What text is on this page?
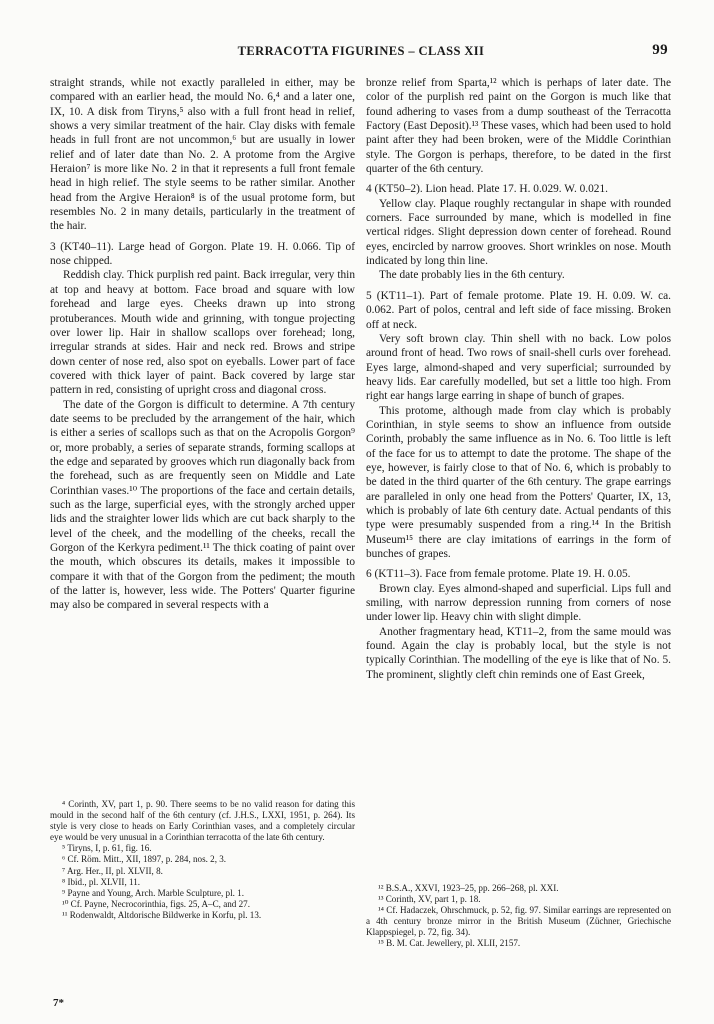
TERRACOTTA FIGURINES – CLASS XII	99

straight strands, while not exactly paralleled in either, may be compared with an earlier head, the mould No. 6,⁴ and a later one, IX, 10. A disk from Tiryns,⁵ also with a full front head in relief, shows a very similar treatment of the hair. Clay disks with female heads in full front are not uncommon,⁶ but are usually in lower relief and of later date than No. 2. A protome from the Argive Heraion⁷ is more like No. 2 in that it represents a full front female head in high relief. The style seems to be rather similar. Another head from the Argive Heraion⁸ is of the usual protome form, but resembles No. 2 in many details, particularly in the treatment of the hair.

3 (KT40–11). Large head of Gorgon. Plate 19. H. 0.066. Tip of nose chipped.

Reddish clay. Thick purplish red paint. Back irregular, very thin at top and heavy at bottom. Face broad and square with low forehead and large eyes. Cheeks drawn up into strong protuberances. Mouth wide and grinning, with tongue projecting over lower lip. Hair in shallow scallops over forehead; long, irregular strands at sides. Hair and neck red. Brows and stripe down center of nose red, also spot on eyeballs. Lower part of face covered with thick layer of paint. Back covered by large star pattern in red, consisting of upright cross and diagonal cross.

The date of the Gorgon is difficult to determine. A 7th century date seems to be precluded by the arrangement of the hair, which is either a series of scallops such as that on the Acropolis Gorgon⁹ or, more probably, a series of separate strands, forming scallops at the edge and separated by grooves which run diagonally back from the forehead, such as are frequently seen on Middle and Late Corinthian vases.¹⁰ The proportions of the face and certain details, such as the large, superficial eyes, with the strongly arched upper lids and the straighter lower lids which are cut back sharply to the level of the cheek, and the modelling of the cheeks, recall the Gorgon of the Kerkyra pediment.¹¹ The thick coating of paint over the mouth, which obscures its details, makes it impossible to compare it with that of the Gorgon from the pediment; the mouth of the latter is, however, less wide. The Potters' Quarter figurine may also be compared in several respects with a

bronze relief from Sparta,¹² which is perhaps of later date. The color of the purplish red paint on the Gorgon is much like that found adhering to vases from a dump southeast of the Terracotta Factory (East Deposit).¹³ These vases, which had been used to hold paint after they had been broken, were of the Middle Corinthian style. The Gorgon is perhaps, therefore, to be dated in the first quarter of the 6th century.

4 (KT50–2). Lion head. Plate 17. H. 0.029. W. 0.021.

Yellow clay. Plaque roughly rectangular in shape with rounded corners. Face surrounded by mane, which is modelled in fine vertical ridges. Slight depression down center of forehead. Round eyes, encircled by narrow grooves. Short wrinkles on nose. Mouth indicated by long thin line.

The date probably lies in the 6th century.

5 (KT11–1). Part of female protome. Plate 19. H. 0.09. W. ca. 0.062. Part of polos, central and left side of face missing. Broken off at neck.

Very soft brown clay. Thin shell with no back. Low polos around front of head. Two rows of snail-shell curls over forehead. Eyes large, almond-shaped and very superficial; surrounded by heavy lids. Ear carefully modelled, but set a little too high. From right ear hangs large earring in shape of bunch of grapes.

This protome, although made from clay which is probably Corinthian, in style seems to show an influence from outside Corinth, probably the same influence as in No. 6. Too little is left of the face for us to attempt to date the protome. The shape of the eye, however, is fairly close to that of No. 6, which is probably to be dated in the third quarter of the 6th century. The grape earrings are paralleled in only one head from the Potters' Quarter, IX, 13, which is probably of late 6th century date. Actual pendants of this type were presumably suspended from a ring.¹⁴ In the British Museum¹⁵ there are clay imitations of earrings in the form of bunches of grapes.

6 (KT11–3). Face from female protome. Plate 19. H. 0.05.

Brown clay. Eyes almond-shaped and superficial. Lips full and smiling, with narrow depression running from corners of nose under lower lip. Heavy chin with slight dimple.

Another fragmentary head, KT11–2, from the same mould was found. Again the clay is probably local, but the style is not typically Corinthian. The modelling of the eye is like that of No. 5. The prominent, slightly cleft chin reminds one of East Greek,

⁴ Corinth, XV, part 1, p. 90. There seems to be no valid reason for dating this mould in the second half of the 6th century (cf. J.H.S., LXXI, 1951, p. 264). Its style is very close to heads on Early Corinthian vases, and a completely circular eye would be very unusual in a Corinthian terracotta of the late 6th century.

⁵ Tiryns, I, p. 61, fig. 16.

⁶ Cf. Röm. Mitt., XII, 1897, p. 284, nos. 2, 3.

⁷ Arg. Her., II, pl. XLVII, 8.

⁸ Ibid., pl. XLVII, 11.

⁹ Payne and Young, Arch. Marble Sculpture, pl. 1.

¹⁰ Cf. Payne, Necrocorinthia, figs. 25, A–C, and 27.

¹¹ Rodenwaldt, Altdorische Bildwerke in Korfu, pl. 13.

¹² B.S.A., XXVI, 1923–25, pp. 266–268, pl. XXI.

¹³ Corinth, XV, part 1, p. 18.

¹⁴ Cf. Hadaczek, Ohrschmuck, p. 52, fig. 97. Similar earrings are represented on a 4th century bronze mirror in the British Museum (Züchner, Griechische Klappspiegel, p. 72, fig. 34).

¹⁵ B. M. Cat. Jewellery, pl. XLII, 2157.

7*
